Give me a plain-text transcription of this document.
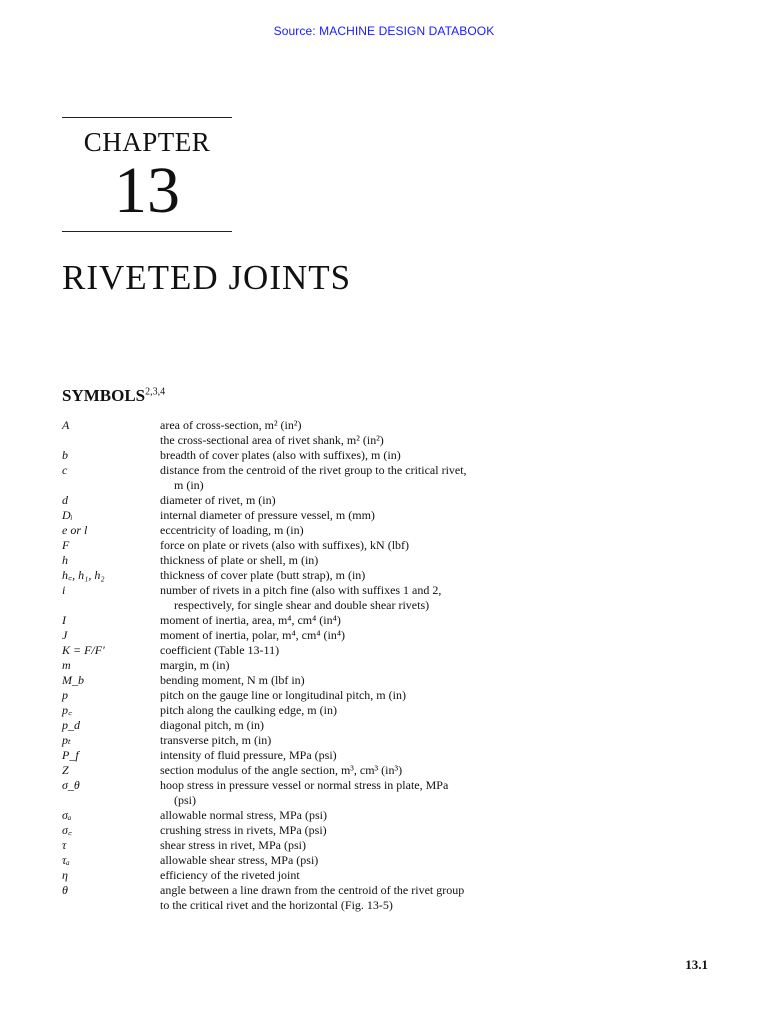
Source: MACHINE DESIGN DATABOOK
CHAPTER
13
RIVETED JOINTS
SYMBOLS$^{2,3,4}$
A	area of cross-section, m² (in²)
the cross-sectional area of rivet shank, m² (in²)
b	breadth of cover plates (also with suffixes), m (in)
c	distance from the centroid of the rivet group to the critical rivet,
m (in)
d	diameter of rivet, m (in)
Dᵢ	internal diameter of pressure vessel, m (mm)
e or l	eccentricity of loading, m (in)
F	force on plate or rivets (also with suffixes), kN (lbf)
h	thickness of plate or shell, m (in)
h꜀, h₁, h₂	thickness of cover plate (butt strap), m (in)
i	number of rivets in a pitch fine (also with suffixes 1 and 2,
respectively, for single shear and double shear rivets)
I	moment of inertia, area, m⁴, cm⁴ (in⁴)
J	moment of inertia, polar, m⁴, cm⁴ (in⁴)
K = F/F′	coefficient (Table 13-11)
m	margin, m (in)
M_b	bending moment, N m (lbf in)
p	pitch on the gauge line or longitudinal pitch, m (in)
p꜀	pitch along the caulking edge, m (in)
p_d	diagonal pitch, m (in)
pₜ	transverse pitch, m (in)
P_f	intensity of fluid pressure, MPa (psi)
Z	section modulus of the angle section, m³, cm³ (in³)
σ_θ	hoop stress in pressure vessel or normal stress in plate, MPa
(psi)
σₐ	allowable normal stress, MPa (psi)
σ꜀	crushing stress in rivets, MPa (psi)
τ	shear stress in rivet, MPa (psi)
τₐ	allowable shear stress, MPa (psi)
η	efficiency of the riveted joint
θ	angle between a line drawn from the centroid of the rivet group
to the critical rivet and the horizontal (Fig. 13-5)
13.1
